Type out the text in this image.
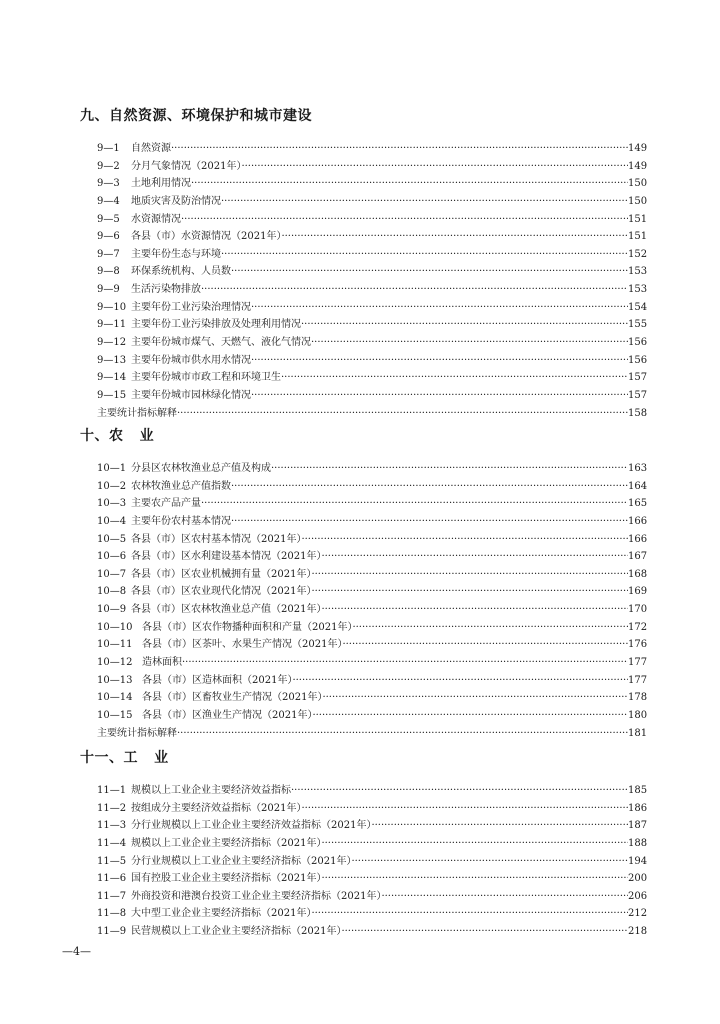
九、自然资源、环境保护和城市建设
9—1 自然资源 ·····	149
9—2 分月气象情况（2021年） ·····	149
9—3 土地利用情况 ·····	150
9—4 地质灾害及防治情况 ·····	150
9—5 水资源情况 ·····	151
9—6 各县（市）水资源情况（2021年） ·····	151
9—7 主要年份生态与环境 ·····	152
9—8 环保系统机构、人员数 ·····	153
9—9 生活污染物排放 ·····	153
9—10 主要年份工业污染治理情况 ·····	154
9—11 主要年份工业污染排放及处理利用情况 ·····	155
9—12 主要年份城市煤气、天燃气、液化气情况 ·····	156
9—13 主要年份城市供水用水情况 ·····	156
9—14 主要年份城市市政工程和环境卫生 ·····	157
9—15 主要年份城市园林绿化情况 ·····	157
主要统计指标解释 ·····	158
十、农   业
10—1 分县区农林牧渔业总产值及构成 ·····	163
10—2 农林牧渔业总产值指数 ·····	164
10—3 主要农产品产量 ·····	165
10—4 主要年份农村基本情况 ·····	166
10—5 各县（市）区农村基本情况（2021年） ·····	166
10—6 各县（市）区水利建设基本情况（2021年） ·····	167
10—7 各县（市）区农业机械拥有量（2021年） ·····	168
10—8 各县（市）区农业现代化情况（2021年） ·····	169
10—9 各县（市）区农林牧渔业总产值（2021年） ·····	170
10—10 各县（市）区农作物播种面积和产量（2021年） ·····	172
10—11 各县（市）区茶叶、水果生产情况（2021年） ·····	176
10—12 造林面积 ·····	177
10—13 各县（市）区造林面积（2021年） ·····	177
10—14 各县（市）区畜牧业生产情况（2021年） ·····	178
10—15 各县（市）区渔业生产情况（2021年） ·····	180
主要统计指标解释 ·····	181
十一、工   业
11—1 规模以上工业企业主要经济效益指标 ·····	185
11—2 按组成分主要经济效益指标（2021年） ·····	186
11—3 分行业规模以上工业企业主要经济效益指标（2021年） ·····	187
11—4 规模以上工业企业主要经济指标（2021年） ·····	188
11—5 分行业规模以上工业企业主要经济指标（2021年） ·····	194
11—6 国有控股工业企业主要经济指标（2021年） ·····	200
11—7 外商投资和港澳台投资工业企业主要经济指标（2021年） ·····	206
11—8 大中型工业企业主要经济指标（2021年） ·····	212
11—9 民营规模以上工业企业主要经济指标（2021年） ·····	218
—4—
